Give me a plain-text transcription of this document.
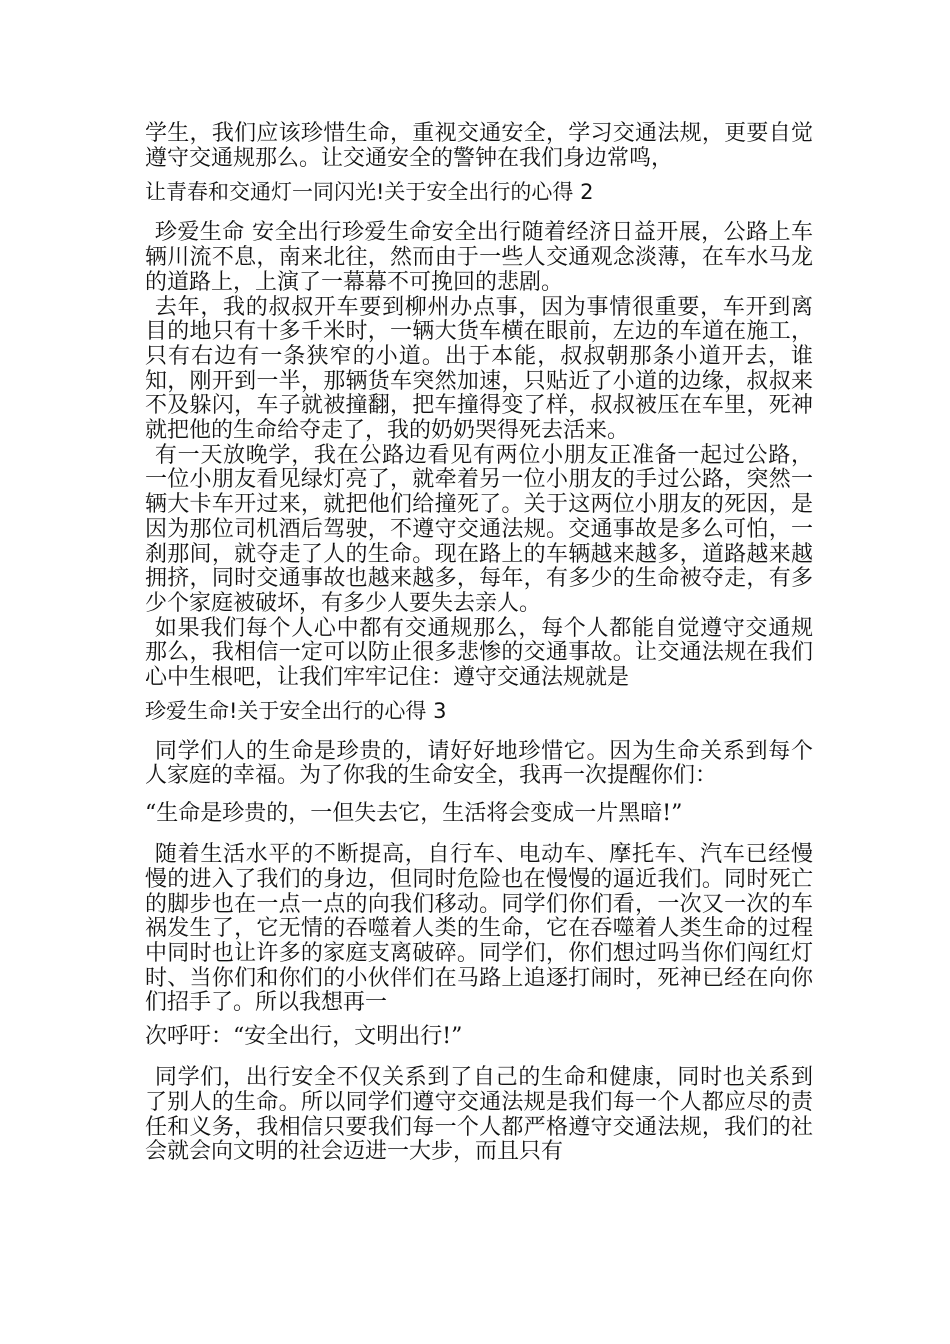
学生，我们应该珍惜生命，重视交通安全，学习交通法规，更要自觉遵守交通规那么。让交通安全的警钟在我们身边常鸣，

让青春和交通灯一同闪光!关于安全出行的心得 2

珍爱生命 安全出行珍爱生命安全出行随着经济日益开展，公路上车辆川流不息，南来北往，然而由于一些人交通观念淡薄，在车水马龙的道路上，上演了一幕幕不可挽回的悲剧。

去年，我的叔叔开车要到柳州办点事，因为事情很重要，车开到离目的地只有十多千米时，一辆大货车横在眼前，左边的车道在施工，只有右边有一条狭窄的小道。出于本能，叔叔朝那条小道开去，谁知，刚开到一半，那辆货车突然加速，只贴近了小道的边缘，叔叔来不及躲闪，车子就被撞翻，把车撞得变了样，叔叔被压在车里，死神就把他的生命给夺走了，我的奶奶哭得死去活来。

有一天放晚学，我在公路边看见有两位小朋友正准备一起过公路，一位小朋友看见绿灯亮了，就牵着另一位小朋友的手过公路，突然一辆大卡车开过来，就把他们给撞死了。关于这两位小朋友的死因，是因为那位司机酒后驾驶，不遵守交通法规。交通事故是多么可怕，一刹那间，就夺走了人的生命。现在路上的车辆越来越多，道路越来越拥挤，同时交通事故也越来越多，每年，有多少的生命被夺走，有多少个家庭被破坏，有多少人要失去亲人。

如果我们每个人心中都有交通规那么，每个人都能自觉遵守交通规那么，我相信一定可以防止很多悲惨的交通事故。让交通法规在我们心中生根吧，让我们牢牢记住：遵守交通法规就是

珍爱生命!关于安全出行的心得 3

同学们人的生命是珍贵的，请好好地珍惜它。因为生命关系到每个人家庭的幸福。为了你我的生命安全，我再一次提醒你们：

“生命是珍贵的，一但失去它，生活将会变成一片黑暗!”

随着生活水平的不断提高，自行车、电动车、摩托车、汽车已经慢慢的进入了我们的身边，但同时危险也在慢慢的逼近我们。同时死亡的脚步也在一点一点的向我们移动。同学们你们看，一次又一次的车祸发生了，它无情的吞噬着人类的生命，它在吞噬着人类生命的过程中同时也让许多的家庭支离破碎。同学们，你们想过吗当你们闯红灯时、当你们和你们的小伙伴们在马路上追逐打闹时，死神已经在向你们招手了。所以我想再一

次呼吁：“安全出行，文明出行!”

同学们，出行安全不仅关系到了自己的生命和健康，同时也关系到了别人的生命。所以同学们遵守交通法规是我们每一个人都应尽的责任和义务，我相信只要我们每一个人都严格遵守交通法规，我们的社会就会向文明的社会迈进一大步，而且只有
